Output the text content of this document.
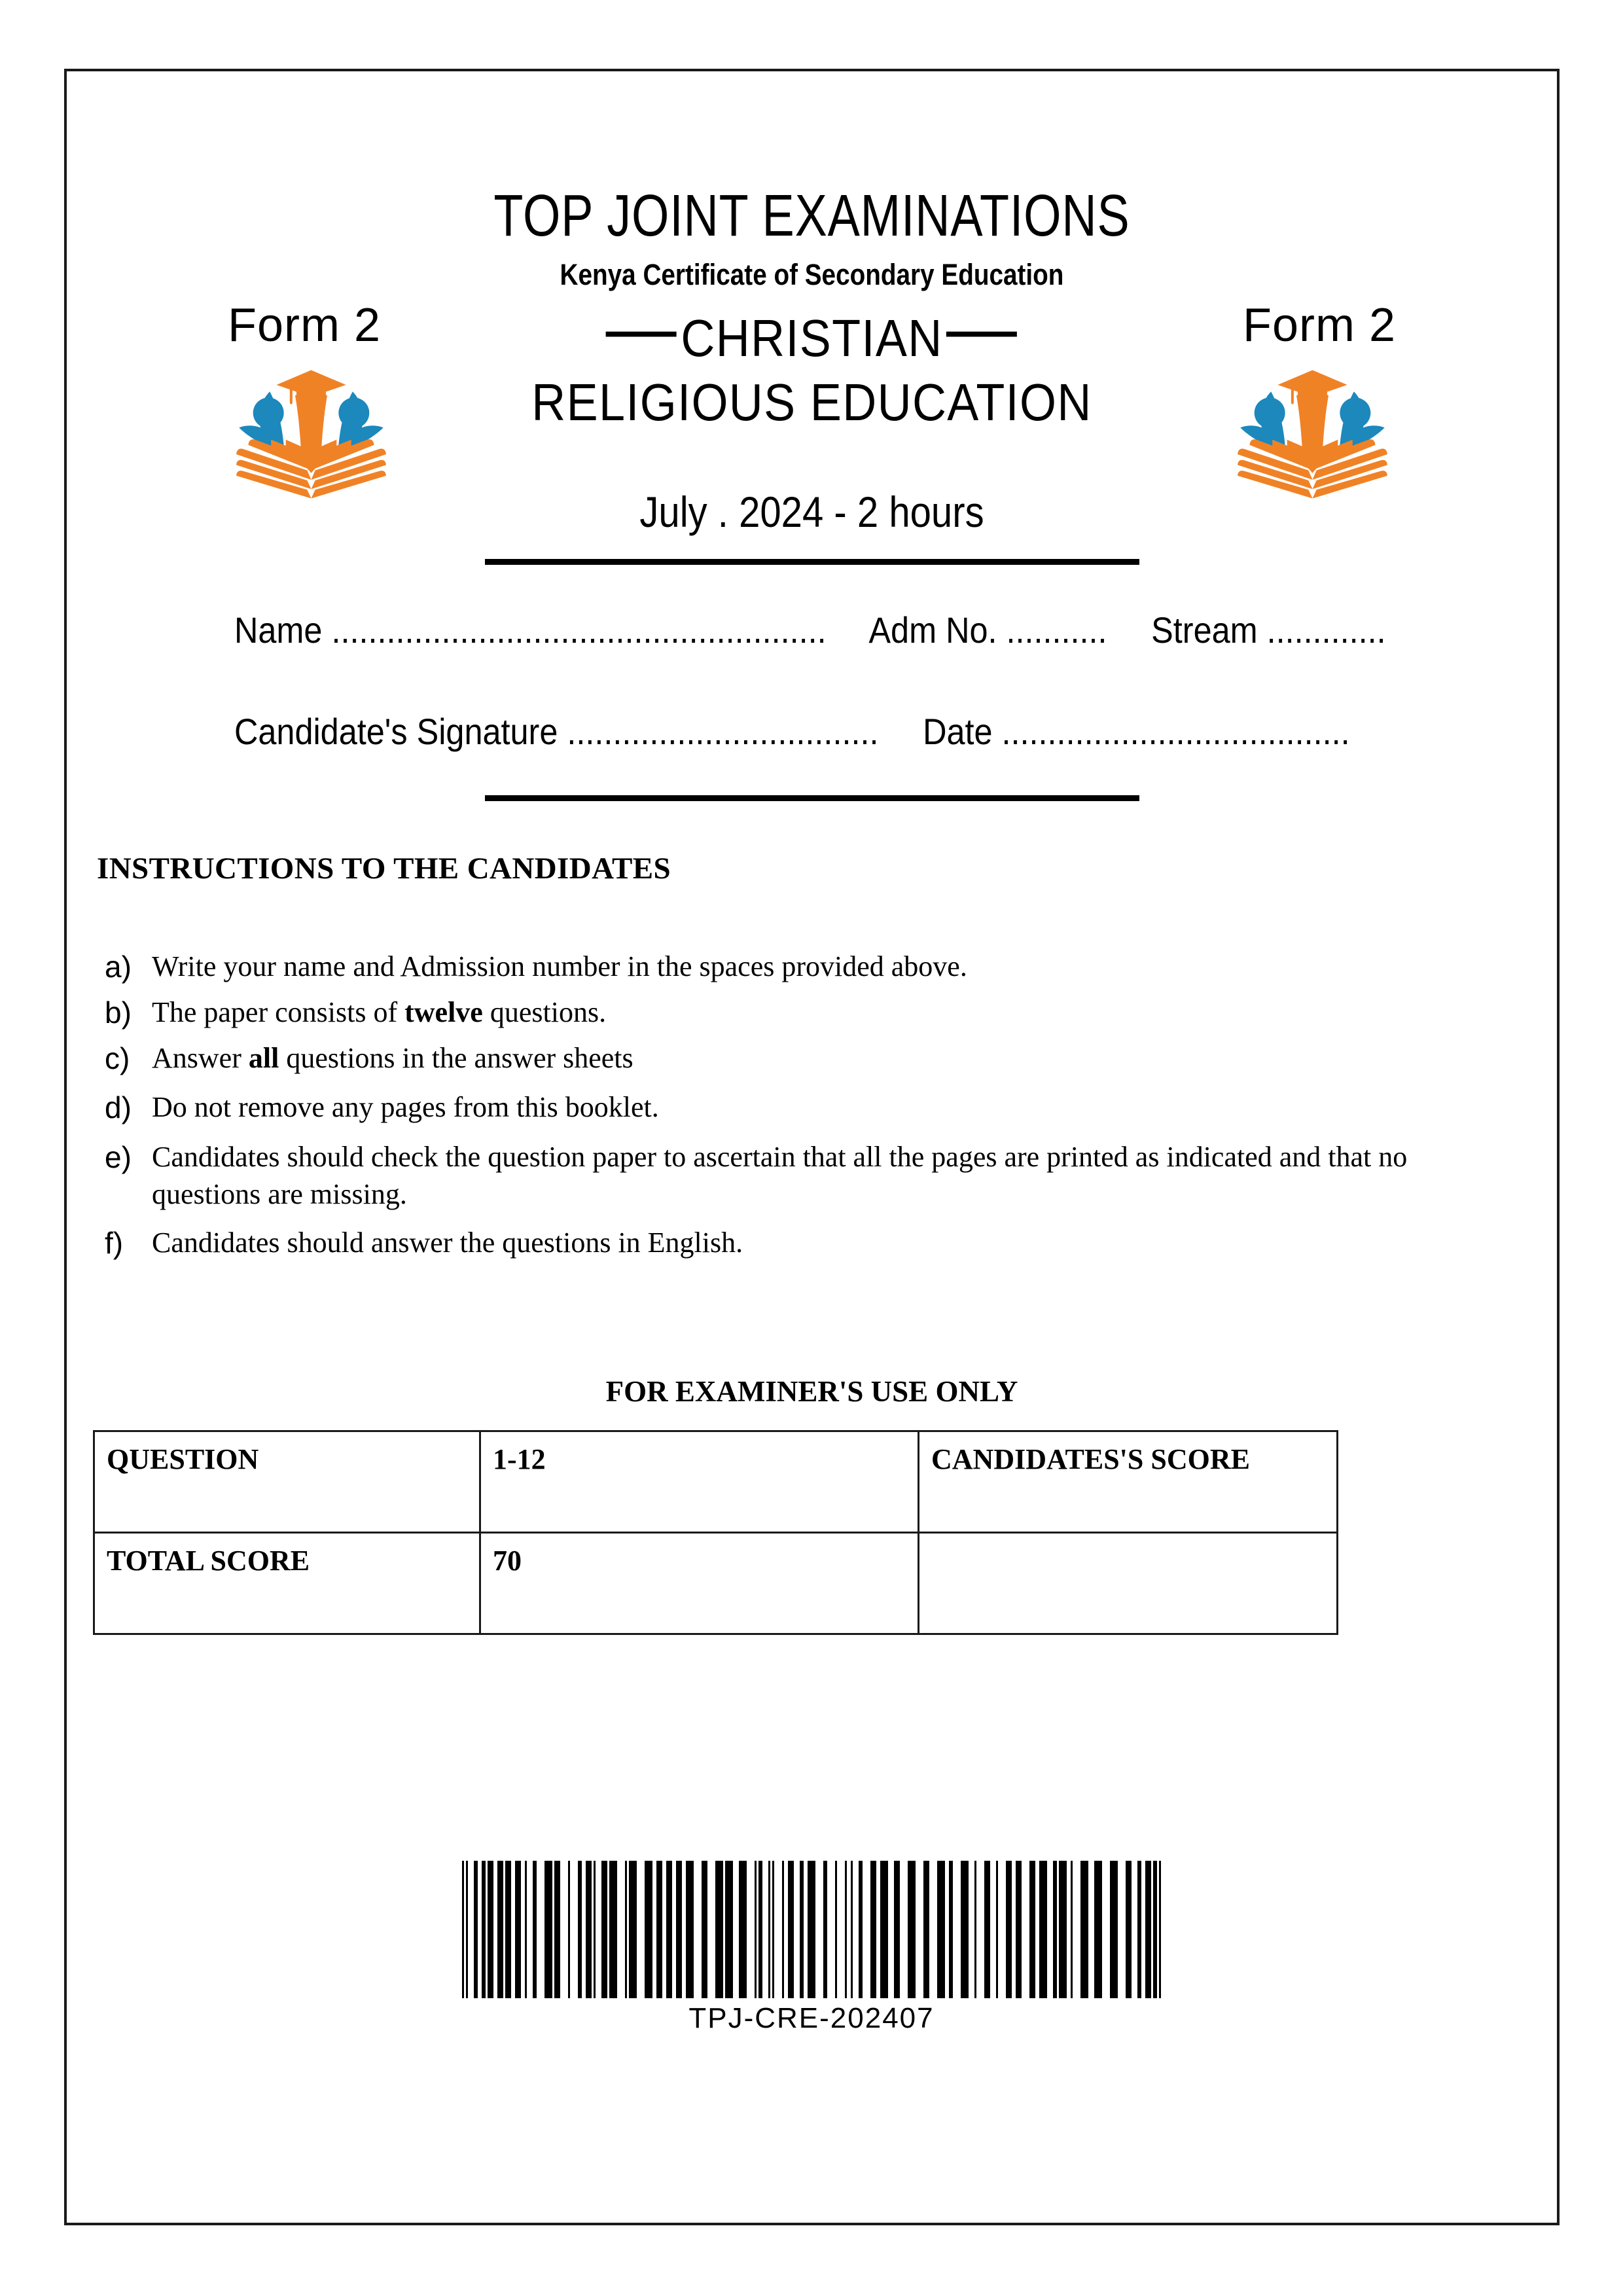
TOP JOINT EXAMINATIONS
Kenya Certificate of Secondary Education
Form 2	Form 2
—CHRISTIAN—
RELIGIOUS EDUCATION
July . 2024 - 2 hours
Name ...................................................... Adm No. ........... Stream .............
Candidate's Signature .................................. Date ......................................
INSTRUCTIONS TO THE CANDIDATES
a) Write your name and Admission number in the spaces provided above.
b) The paper consists of twelve questions.
c) Answer all questions in the answer sheets
d) Do not remove any pages from this booklet.
e) Candidates should check the question paper to ascertain that all the pages are printed as indicated and that no questions are missing.
f) Candidates should answer the questions in English.
FOR EXAMINER'S USE ONLY
QUESTION	1-12	CANDIDATES'S SCORE
TOTAL SCORE	70	
TPJ-CRE-202407
